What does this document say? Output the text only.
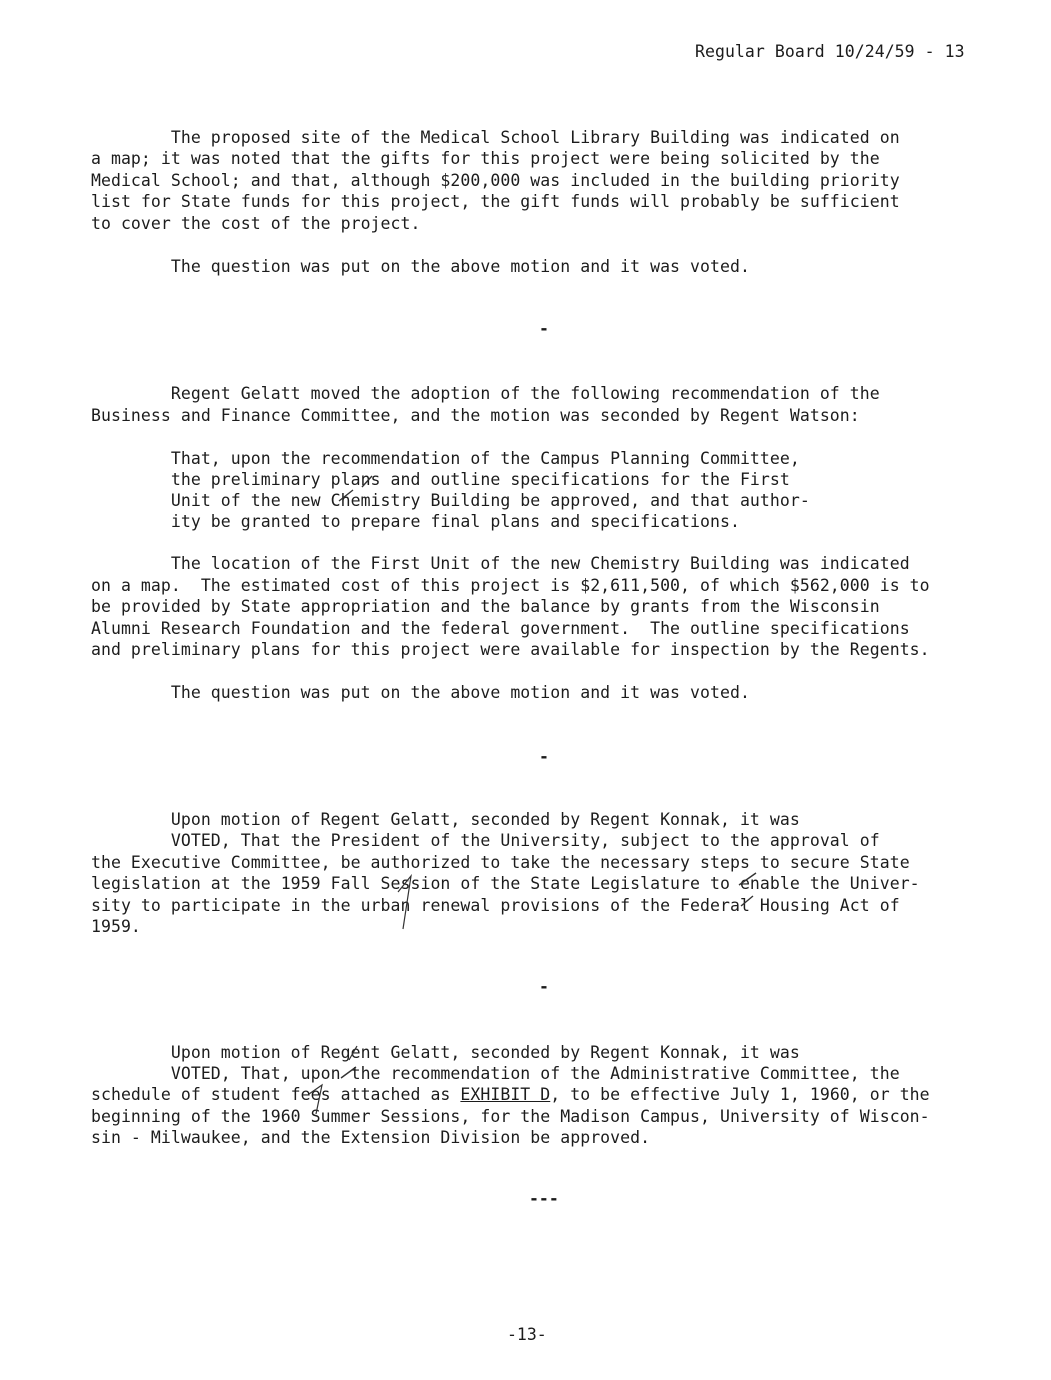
Regular Board 10/24/59 - 13
The proposed site of the Medical School Library Building was indicated on
a map; it was noted that the gifts for this project were being solicited by the
Medical School; and that, although $200,000 was included in the building priority
list for State funds for this project, the gift funds will probably be sufficient
to cover the cost of the project.
The question was put on the above motion and it was voted.
-
Regent Gelatt moved the adoption of the following recommendation of the
Business and Finance Committee, and the motion was seconded by Regent Watson:
That, upon the recommendation of the Campus Planning Committee,
the preliminary plans and outline specifications for the First
Unit of the new Chemistry Building be approved, and that author-
ity be granted to prepare final plans and specifications.
The location of the First Unit of the new Chemistry Building was indicated
on a map.  The estimated cost of this project is $2,611,500, of which $562,000 is to
be provided by State appropriation and the balance by grants from the Wisconsin
Alumni Research Foundation and the federal government.  The outline specifications
and preliminary plans for this project were available for inspection by the Regents.
The question was put on the above motion and it was voted.
-
Upon motion of Regent Gelatt, seconded by Regent Konnak, it was
VOTED, That the President of the University, subject to the approval of
the Executive Committee, be authorized to take the necessary steps to secure State
legislation at the 1959 Fall Session of the State Legislature to enable the Univer-
sity to participate in the urban renewal provisions of the Federal Housing Act of
1959.
-
Upon motion of Regent Gelatt, seconded by Regent Konnak, it was
VOTED, That, upon the recommendation of the Administrative Committee, the
schedule of student fees attached as EXHIBIT D, to be effective July 1, 1960, or the
beginning of the 1960 Summer Sessions, for the Madison Campus, University of Wiscon-
sin - Milwaukee, and the Extension Division be approved.
---
-13-
